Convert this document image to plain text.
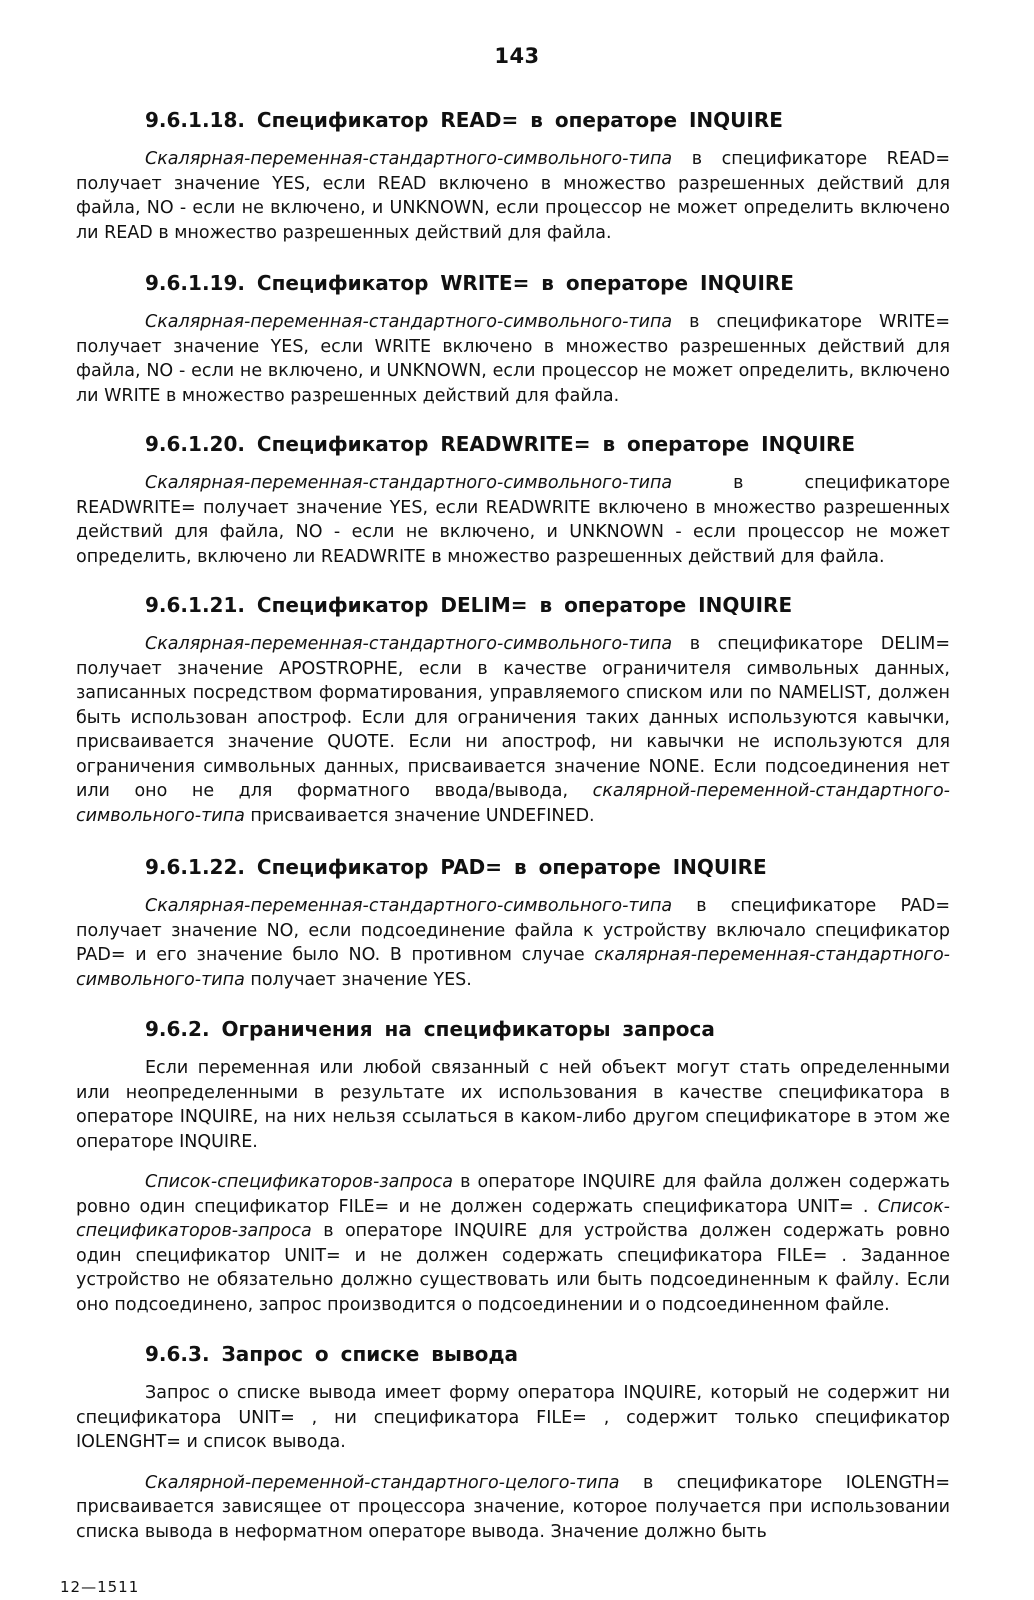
143
9.6.1.18. Спецификатор READ= в операторе INQUIRE

Скалярная-переменная-стандартного-символьного-типа в спецификаторе READ= получает значение YES, если READ включено в множество разрешенных действий для файла, NO - если не включено, и UNKNOWN, если процессор не может определить включено ли READ в множество разрешенных действий для файла.

9.6.1.19. Спецификатор WRITE= в операторе INQUIRE

Скалярная-переменная-стандартного-символьного-типа в спецификаторе WRITE= получает значение YES, если WRITE включено в множество разрешенных действий для файла, NO - если не включено, и UNKNOWN, если процессор не может определить, включено ли WRITE в множество разрешенных действий для файла.

9.6.1.20. Спецификатор READWRITE= в операторе INQUIRE

Скалярная-переменная-стандартного-символьного-типа в спецификаторе READWRITE= получает значение YES, если READWRITE включено в множество разрешенных действий для файла, NO - если не включено, и UNKNOWN - если процессор не может определить, включено ли READWRITE в множество разрешенных действий для файла.

9.6.1.21. Спецификатор DELIM= в операторе INQUIRE

Скалярная-переменная-стандартного-символьного-типа в спецификаторе DELIM= получает значение APOSTROPHE, если в качестве ограничителя символьных данных, записанных посредством форматирования, управляемого списком или по NAMELIST, должен быть использован апостроф. Если для ограничения таких данных используются кавычки, присваивается значение QUOTE. Если ни апостроф, ни кавычки не используются для ограничения символьных данных, присваивается значение NONE. Если подсоединения нет или оно не для форматного ввода/вывода, скалярной-переменной-стандартного-символьного-типа присваивается значение UNDEFINED.

9.6.1.22. Спецификатор PAD= в операторе INQUIRE

Скалярная-переменная-стандартного-символьного-типа в спецификаторе PAD= получает значение NO, если подсоединение файла к устройству включало спецификатор PAD= и его значение было NO. В противном случае скалярная-переменная-стандартного-символьного-типа получает значение YES.

9.6.2. Ограничения на спецификаторы запроса

Если переменная или любой связанный с ней объект могут стать определенными или неопределенными в результате их использования в качестве спецификатора в операторе INQUIRE, на них нельзя ссылаться в каком-либо другом спецификаторе в этом же операторе INQUIRE.

Список-спецификаторов-запроса в операторе INQUIRE для файла должен содержать ровно один спецификатор FILE= и не должен содержать спецификатора UNIT= . Список-спецификаторов-запроса в операторе INQUIRE для устройства должен содержать ровно один спецификатор UNIT= и не должен содержать спецификатора FILE= . Заданное устройство не обязательно должно существовать или быть подсоединенным к файлу. Если оно подсоединено, запрос производится о подсоединении и о подсоединенном файле.

9.6.3. Запрос о списке вывода

Запрос о списке вывода имеет форму оператора INQUIRE, который не содержит ни спецификатора UNIT= , ни спецификатора FILE= , содержит только спецификатор IOLENGHT= и список вывода.

Скалярной-переменной-стандартного-целого-типа в спецификаторе IOLENGTH= присваивается зависящее от процессора значение, которое получается при использовании списка вывода в неформатном операторе вывода. Значение должно быть

12—1511
